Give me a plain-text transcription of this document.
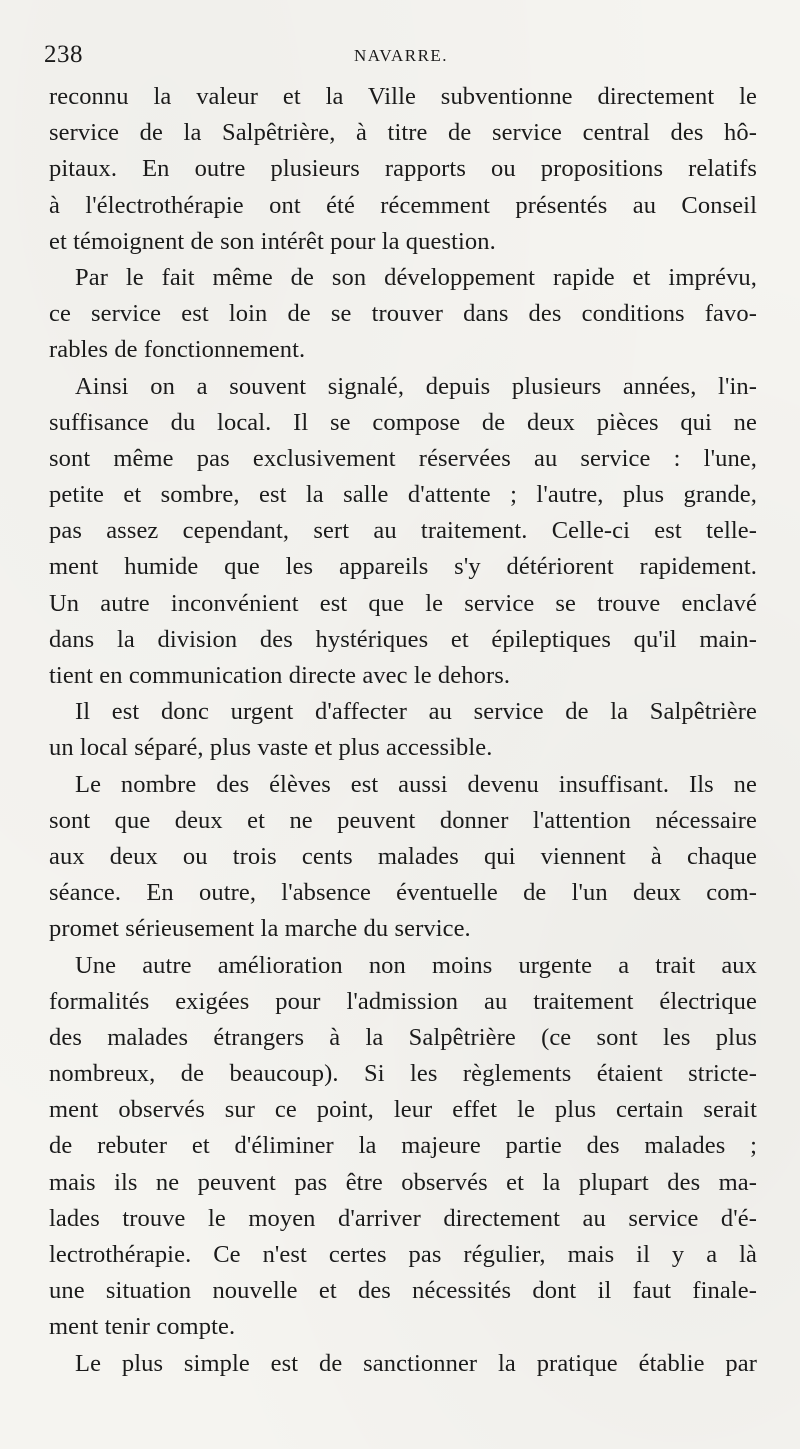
238	NAVARRE.
reconnu la valeur et la Ville subventionne directement le
service de la Salpêtrière, à titre de service central des hô-
pitaux. En outre plusieurs rapports ou propositions relatifs
à l'électrothérapie ont été récemment présentés au Conseil
et témoignent de son intérêt pour la question.
Par le fait même de son développement rapide et imprévu,
ce service est loin de se trouver dans des conditions favo-
rables de fonctionnement.
Ainsi on a souvent signalé, depuis plusieurs années, l'in-
suffisance du local. Il se compose de deux pièces qui ne
sont même pas exclusivement réservées au service : l'une,
petite et sombre, est la salle d'attente ; l'autre, plus grande,
pas assez cependant, sert au traitement. Celle-ci est telle-
ment humide que les appareils s'y détériorent rapidement.
Un autre inconvénient est que le service se trouve enclavé
dans la division des hystériques et épileptiques qu'il main-
tient en communication directe avec le dehors.
Il est donc urgent d'affecter au service de la Salpêtrière
un local séparé, plus vaste et plus accessible.
Le nombre des élèves est aussi devenu insuffisant. Ils ne
sont que deux et ne peuvent donner l'attention nécessaire
aux deux ou trois cents malades qui viennent à chaque
séance. En outre, l'absence éventuelle de l'un deux com-
promet sérieusement la marche du service.
Une autre amélioration non moins urgente a trait aux
formalités exigées pour l'admission au traitement électrique
des malades étrangers à la Salpêtrière (ce sont les plus
nombreux, de beaucoup). Si les règlements étaient stricte-
ment observés sur ce point, leur effet le plus certain serait
de rebuter et d'éliminer la majeure partie des malades ;
mais ils ne peuvent pas être observés et la plupart des ma-
lades trouve le moyen d'arriver directement au service d'é-
lectrothérapie. Ce n'est certes pas régulier, mais il y a là
une situation nouvelle et des nécessités dont il faut finale-
ment tenir compte.
Le plus simple est de sanctionner la pratique établie par
